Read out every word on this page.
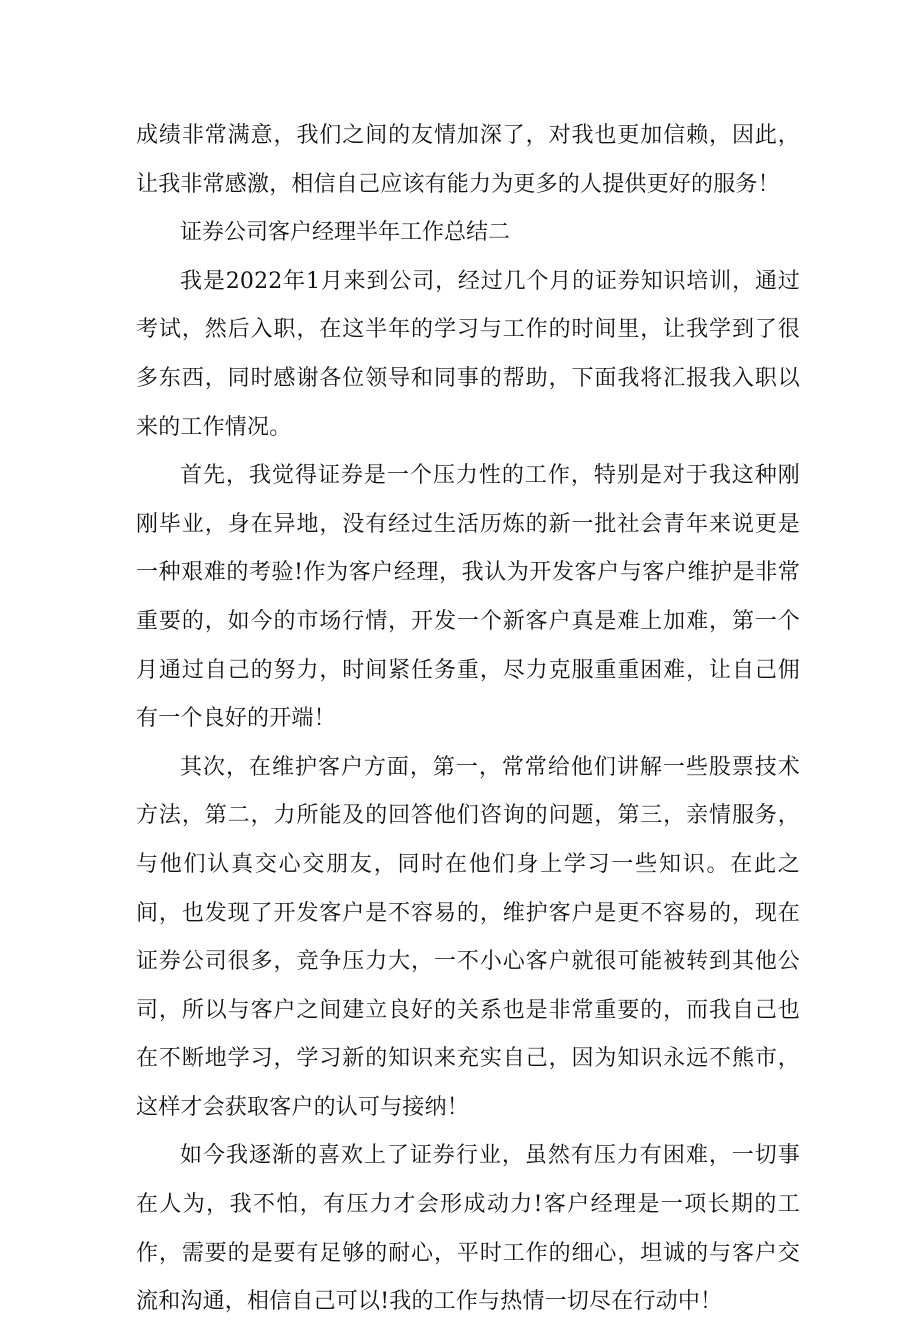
成绩非常满意，我们之间的友情加深了，对我也更加信赖，因此，让我非常感激，相信自己应该有能力为更多的人提供更好的服务！

证券公司客户经理半年工作总结二

我是2022年1月来到公司，经过几个月的证券知识培训，通过考试，然后入职，在这半年的学习与工作的时间里，让我学到了很多东西，同时感谢各位领导和同事的帮助，下面我将汇报我入职以来的工作情况。

首先，我觉得证券是一个压力性的工作，特别是对于我这种刚刚毕业，身在异地，没有经过生活历炼的新一批社会青年来说更是一种艰难的考验!作为客户经理，我认为开发客户与客户维护是非常重要的，如今的市场行情，开发一个新客户真是难上加难，第一个月通过自己的努力，时间紧任务重，尽力克服重重困难，让自己佣有一个良好的开端！

其次，在维护客户方面，第一，常常给他们讲解一些股票技术方法，第二，力所能及的回答他们咨询的问题，第三，亲情服务，与他们认真交心交朋友，同时在他们身上学习一些知识。在此之间，也发现了开发客户是不容易的，维护客户是更不容易的，现在证券公司很多，竞争压力大，一不小心客户就很可能被转到其他公司，所以与客户之间建立良好的关系也是非常重要的，而我自己也在不断地学习，学习新的知识来充实自己，因为知识永远不熊市，这样才会获取客户的认可与接纳！

如今我逐渐的喜欢上了证券行业，虽然有压力有困难，一切事在人为，我不怕，有压力才会形成动力!客户经理是一项长期的工作，需要的是要有足够的耐心，平时工作的细心，坦诚的与客户交流和沟通，相信自己可以!我的工作与热情一切尽在行动中！
